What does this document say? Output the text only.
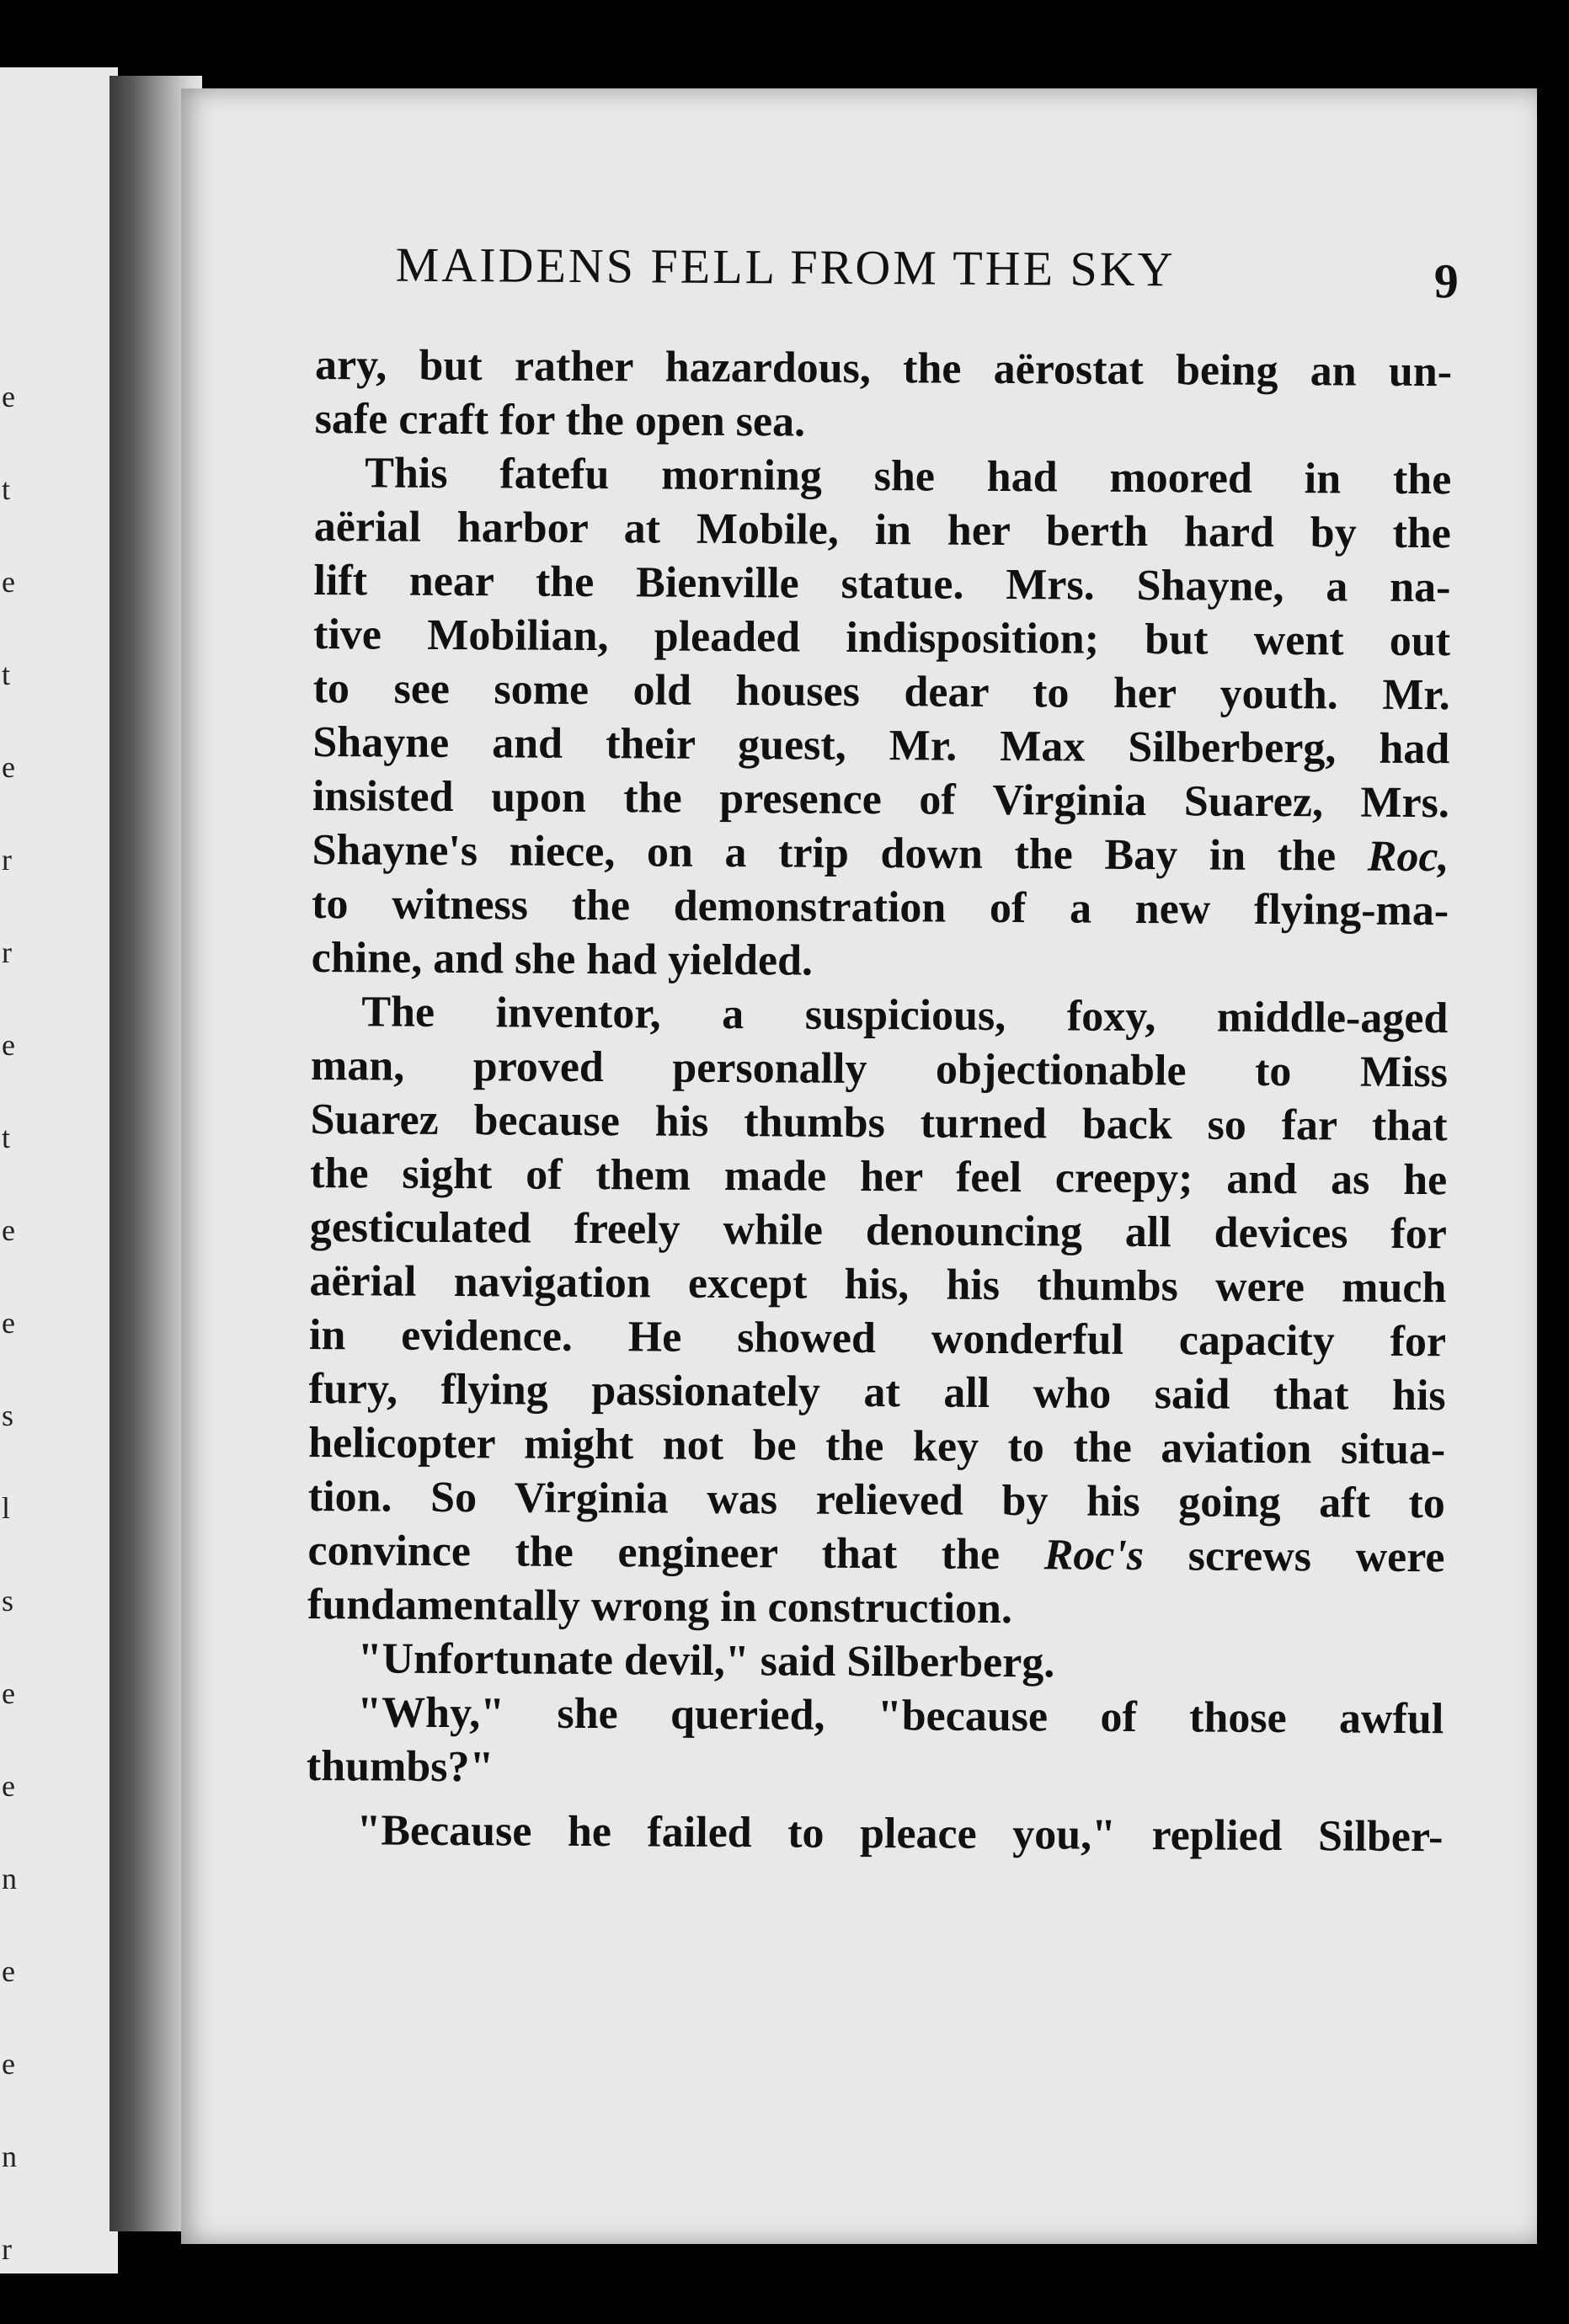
e
t
e
t
e
r
r
e
t
e
e
s
l
s
e
e
n
e
e
n
r
MAIDENS FELL FROM THE SKY	9

ary, but rather hazardous, the aërostat being an un-
safe craft for the open sea.

This fatefu morning she had moored in the
aërial harbor at Mobile, in her berth hard by the
lift near the Bienville statue. Mrs. Shayne, a na-
tive Mobilian, pleaded indisposition; but went out
to see some old houses dear to her youth. Mr.
Shayne and their guest, Mr. Max Silberberg, had
insisted upon the presence of Virginia Suarez, Mrs.
Shayne's niece, on a trip down the Bay in the Roc,
to witness the demonstration of a new flying-ma-
chine, and she had yielded.

The inventor, a suspicious, foxy, middle-aged
man, proved personally objectionable to Miss
Suarez because his thumbs turned back so far that
the sight of them made her feel creepy; and as he
gesticulated freely while denouncing all devices for
aërial navigation except his, his thumbs were much
in evidence. He showed wonderful capacity for
fury, flying passionately at all who said that his
helicopter might not be the key to the aviation situa-
tion. So Virginia was relieved by his going aft to
convince the engineer that the Roc's screws were
fundamentally wrong in construction.

"Unfortunate devil," said Silberberg.

"Why," she queried, "because of those awful
thumbs?"

"Because he failed to pleace you," replied Silber-
